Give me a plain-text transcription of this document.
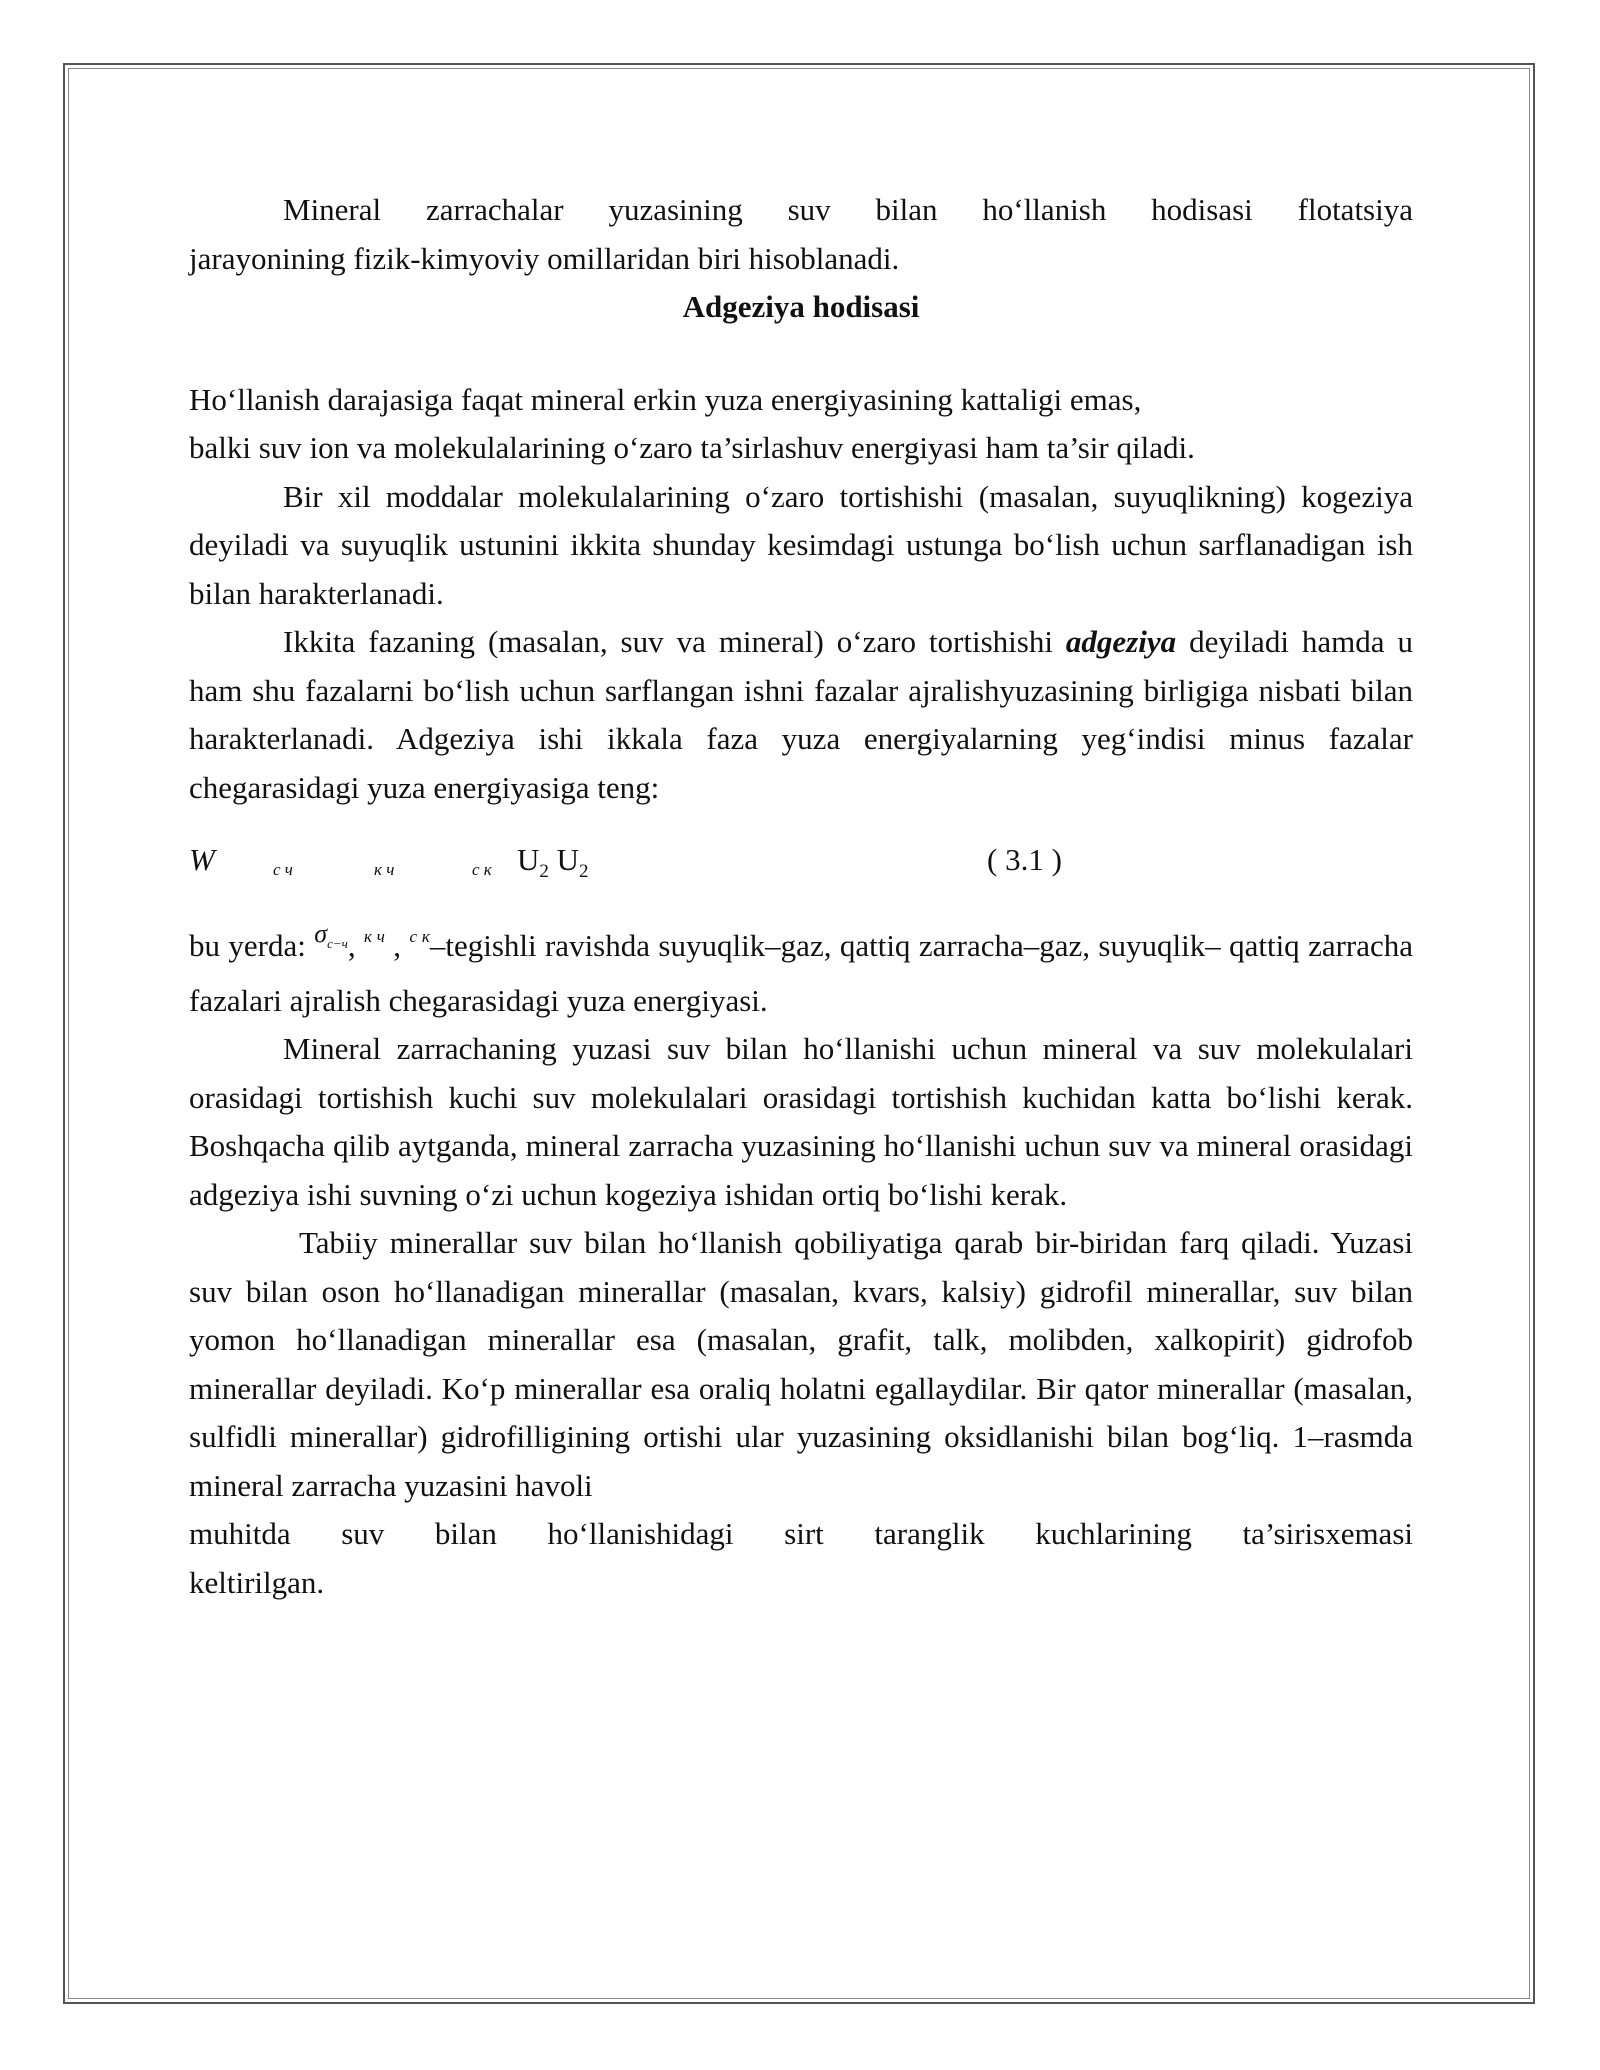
Mineral zarrachalar yuzasining suv bilan ho‘llanish hodisasi flotatsiya

jarayonining fizik-kimyoviy omillaridan biri hisoblanadi.

Adgeziya hodisasi

Ho‘llanish darajasiga faqat mineral erkin yuza energiyasining kattaligi emas,

balki suv ion va molekulalarining o‘zaro ta’sirlashuv energiyasi ham ta’sir qiladi.

Bir xil moddalar molekulalarining o‘zaro tortishishi (masalan, suyuqlikning) kogeziya deyiladi va suyuqlik ustunini ikkita shunday kesimdagi ustunga bo‘lish uchun sarflanadigan ish bilan harakterlanadi.

Ikkita fazaning (masalan, suv va mineral) o‘zaro tortishishi adgeziya deyiladi hamda u ham shu fazalarni bo‘lish uchun sarflangan ishni fazalar ajralishyuzasining birligiga nisbati bilan harakterlanadi. Adgeziya ishi ikkala faza yuza energiyalarning yeg‘indisi minus fazalar chegarasidagi yuza energiyasiga teng:

W	с ч	к ч	с к $U_2$ $U_2$	( 3.1 )

bu yerda: $^{\sigma с-ч}$, $^{к ч}$ , $^{с к}$–tegishli ravishda suyuqlik–gaz, qattiq zarracha–gaz, suyuqlik– qattiq zarracha fazalari ajralish chegarasidagi yuza energiyasi.

Mineral zarrachaning yuzasi suv bilan ho‘llanishi uchun mineral va suv molekulalari orasidagi tortishish kuchi suv molekulalari orasidagi tortishish kuchidan katta bo‘lishi kerak. Boshqacha qilib aytganda, mineral zarracha yuzasining ho‘llanishi uchun suv va mineral orasidagi adgeziya ishi suvning o‘zi uchun kogeziya ishidan ortiq bo‘lishi kerak.

Tabiiy minerallar suv bilan ho‘llanish qobiliyatiga qarab bir-biridan farq qiladi. Yuzasi suv bilan oson ho‘llanadigan minerallar (masalan, kvars, kalsiy) gidrofil minerallar, suv bilan yomon ho‘llanadigan minerallar esa (masalan, grafit, talk, molibden, xalkopirit) gidrofob minerallar deyiladi. Ko‘p minerallar esa oraliq holatni egallaydilar. Bir qator minerallar (masalan, sulfidli minerallar) gidrofilligining ortishi ular yuzasining oksidlanishi bilan bog‘liq. 1–rasmda mineral zarracha yuzasini havoli

muhitda suv bilan ho‘llanishidagi sirt taranglik kuchlarining ta’sirisxemasi

keltirilgan.
